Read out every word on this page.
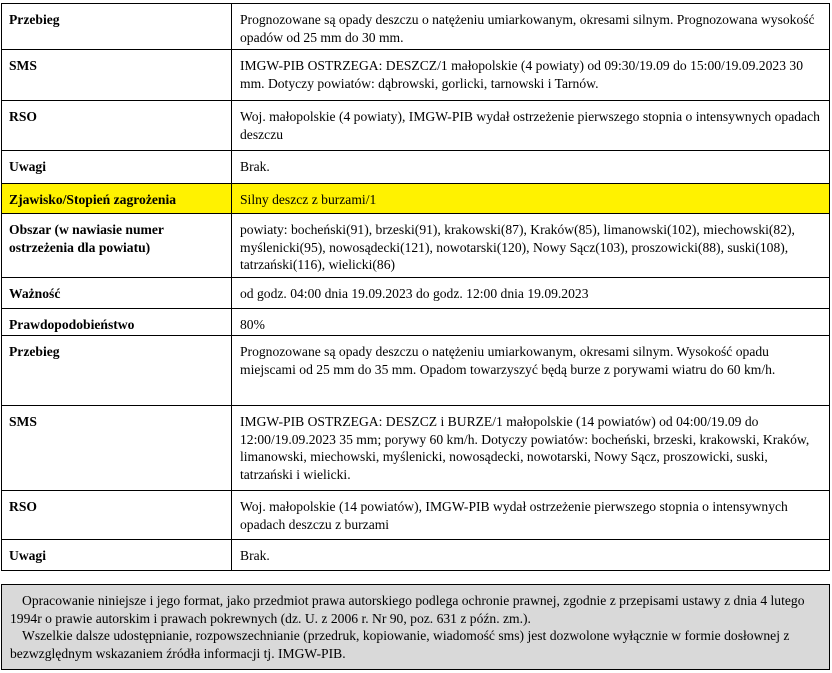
Przebieg	Prognozowane są opady deszczu o natężeniu umiarkowanym, okresami silnym. Prognozowana wysokość opadów od 25 mm do 30 mm.
SMS	IMGW-PIB OSTRZEGA: DESZCZ/1 małopolskie (4 powiaty) od 09:30/19.09 do 15:00/19.09.2023 30 mm. Dotyczy powiatów: dąbrowski, gorlicki, tarnowski i Tarnów.
RSO	Woj. małopolskie (4 powiaty), IMGW-PIB wydał ostrzeżenie pierwszego stopnia o intensywnych opadach deszczu
Uwagi	Brak.
Zjawisko/Stopień zagrożenia	Silny deszcz z burzami/1
Obszar (w nawiasie numer ostrzeżenia dla powiatu)	powiaty: bocheński(91), brzeski(91), krakowski(87), Kraków(85), limanowski(102), miechowski(82), myślenicki(95), nowosądecki(121), nowotarski(120), Nowy Sącz(103), proszowicki(88), suski(108), tatrzański(116), wielicki(86)
Ważność	od godz. 04:00 dnia 19.09.2023 do godz. 12:00 dnia 19.09.2023
Prawdopodobieństwo	80%
Przebieg	Prognozowane są opady deszczu o natężeniu umiarkowanym, okresami silnym. Wysokość opadu miejscami od 25 mm do 35 mm. Opadom towarzyszyć będą burze z porywami wiatru do 60 km/h.
SMS	IMGW-PIB OSTRZEGA: DESZCZ i BURZE/1 małopolskie (14 powiatów) od 04:00/19.09 do 12:00/19.09.2023 35 mm; porywy 60 km/h. Dotyczy powiatów: bocheński, brzeski, krakowski, Kraków, limanowski, miechowski, myślenicki, nowosądecki, nowotarski, Nowy Sącz, proszowicki, suski, tatrzański i wielicki.
RSO	Woj. małopolskie (14 powiatów), IMGW-PIB wydał ostrzeżenie pierwszego stopnia o intensywnych opadach deszczu z burzami
Uwagi	Brak.

Opracowanie niniejsze i jego format, jako przedmiot prawa autorskiego podlega ochronie prawnej, zgodnie z przepisami ustawy z dnia 4 lutego 1994r o prawie autorskim i prawach pokrewnych (dz. U. z 2006 r. Nr 90, poz. 631 z późn. zm.).

Wszelkie dalsze udostępnianie, rozpowszechnianie (przedruk, kopiowanie, wiadomość sms) jest dozwolone wyłącznie w formie dosłownej z bezwzględnym wskazaniem źródła informacji tj. IMGW-PIB.
